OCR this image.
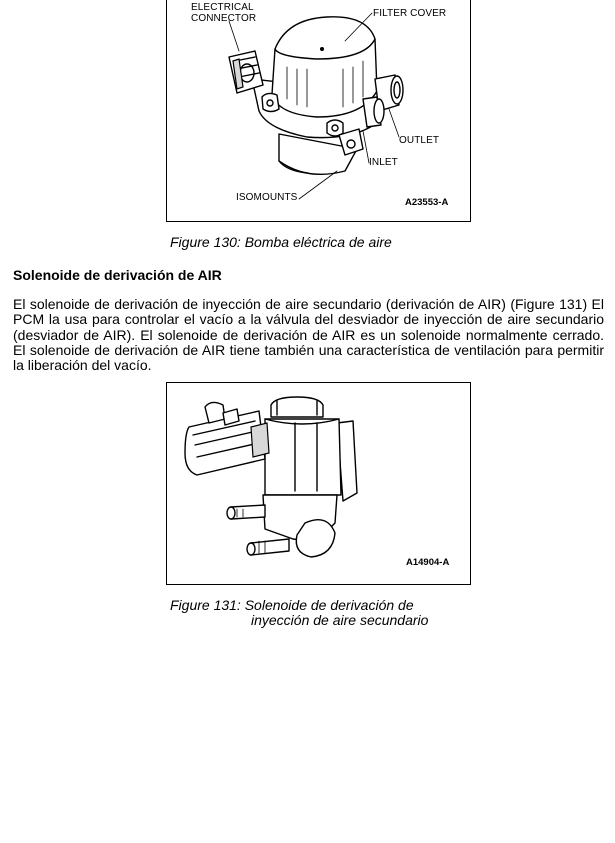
ELECTRICAL
CONNECTOR	FILTER COVER
OUTLET
INLET
ISOMOUNTS	A23553-A
Figure 130: Bomba eléctrica de aire
Solenoide de derivación de AIR
El solenoide de derivación de inyección de aire secundario (derivación de AIR) (Figure 131) El PCM la usa para controlar el vacío a la válvula del desviador de inyección de aire secundario (desviador de AIR). El solenoide de derivación de AIR es un solenoide normalmente cerrado. El solenoide de derivación de AIR tiene también una característica de ventilación para permitir la liberación del vacío.
A14904-A
Figure 131: Solenoide de derivación de
inyección de aire secundario
